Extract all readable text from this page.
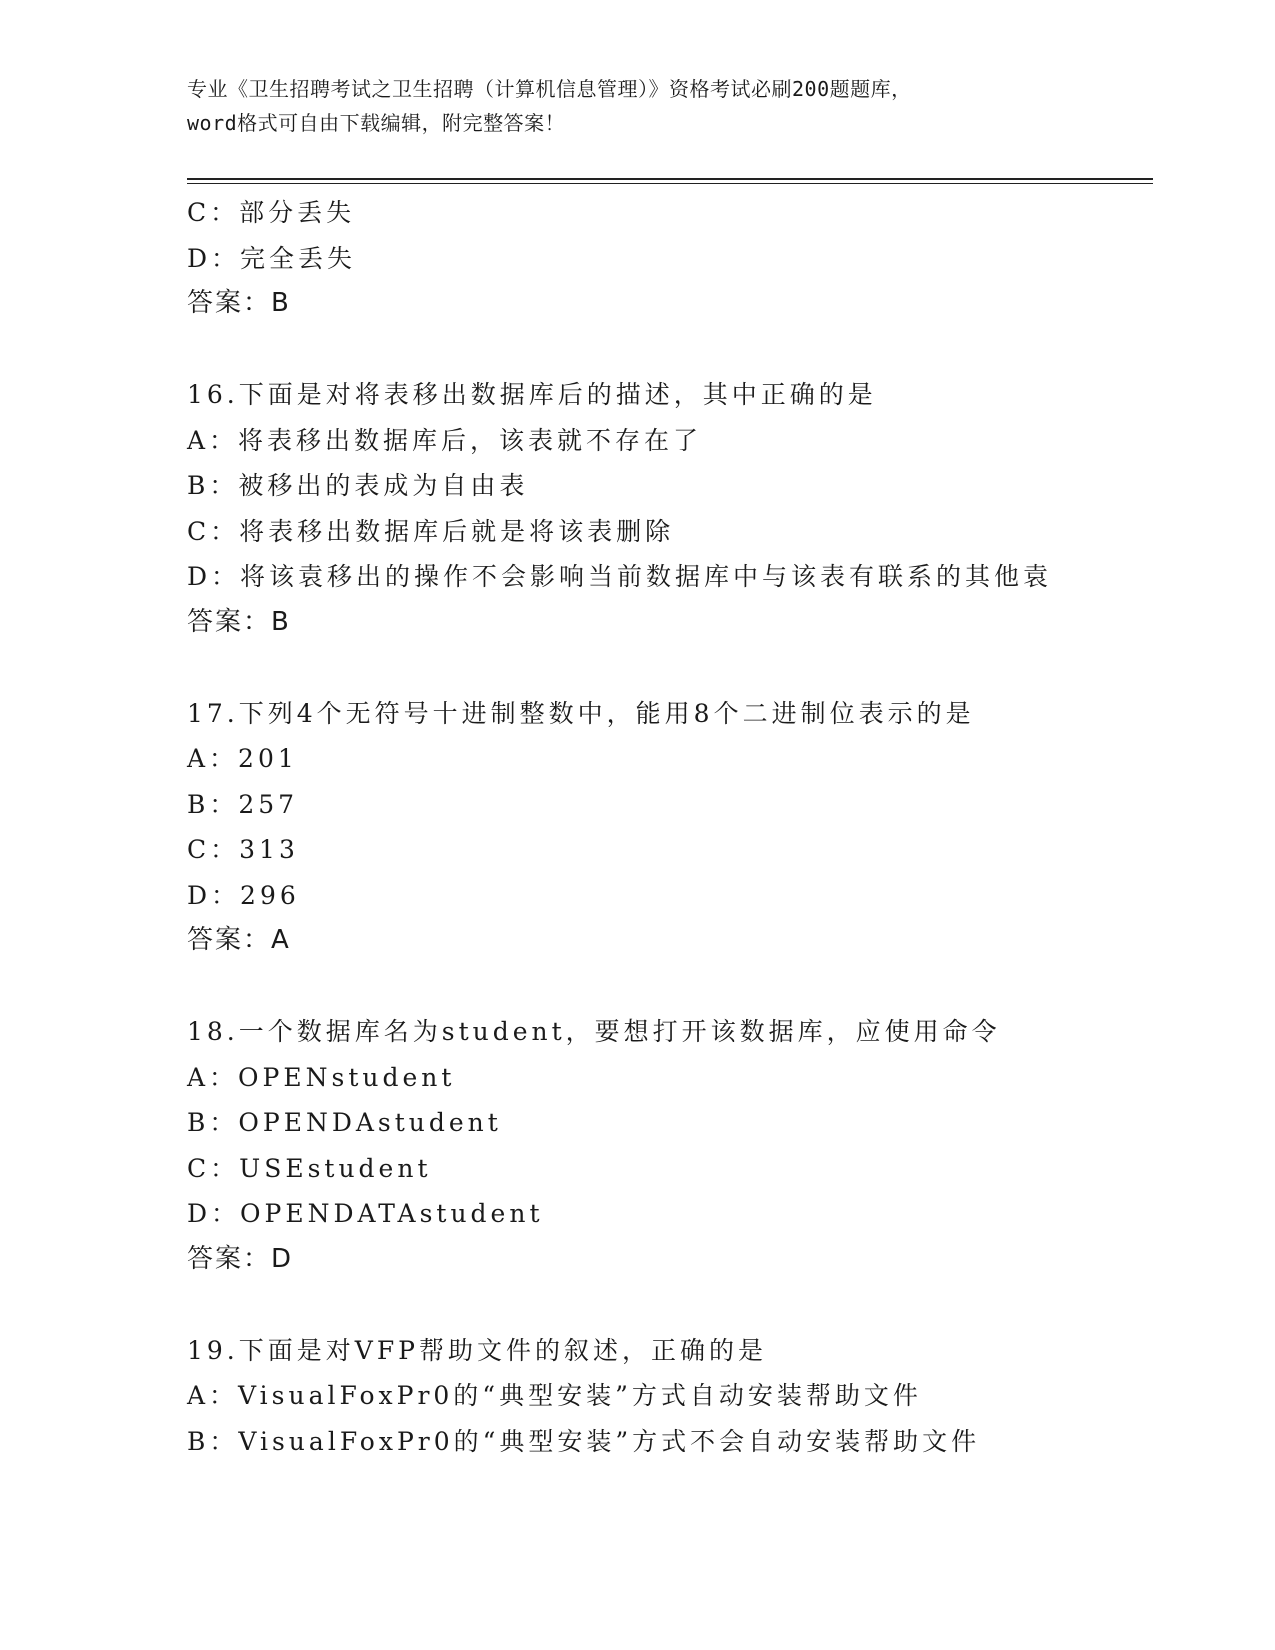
专业《卫生招聘考试之卫生招聘（计算机信息管理）》资格考试必刷200题题库，
word格式可自由下载编辑，附完整答案！
C：部分丢失
D：完全丢失
答案：B
16.下面是对将表移出数据库后的描述，其中正确的是
A：将表移出数据库后，该表就不存在了
B：被移出的表成为自由表
C：将表移出数据库后就是将该表删除
D：将该袁移出的操作不会影响当前数据库中与该表有联系的其他袁
答案：B
17.下列4个无符号十进制整数中，能用8个二进制位表示的是
A：201
B：257
C：313
D：296
答案：A
18.一个数据库名为student，要想打开该数据库，应使用命令
A：OPENstudent
B：OPENDAstudent
C：USEstudent
D：OPENDATAstudent
答案：D
19.下面是对VFP帮助文件的叙述，正确的是
A：VisualFoxPr0的“典型安装”方式自动安装帮助文件
B：VisualFoxPr0的“典型安装”方式不会自动安装帮助文件
